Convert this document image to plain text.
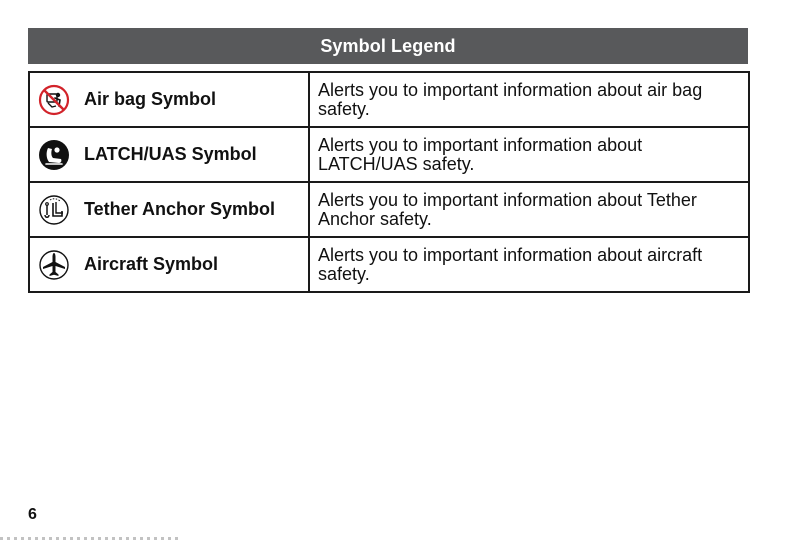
Symbol Legend
Air bag Symbol	Alerts you to important information about air bag safety.

LATCH/UAS Symbol	Alerts you to important information about LATCH/UAS safety.

Tether Anchor Symbol	Alerts you to important information about Tether Anchor safety.

Aircraft Symbol	Alerts you to important information about aircraft safety.
6
